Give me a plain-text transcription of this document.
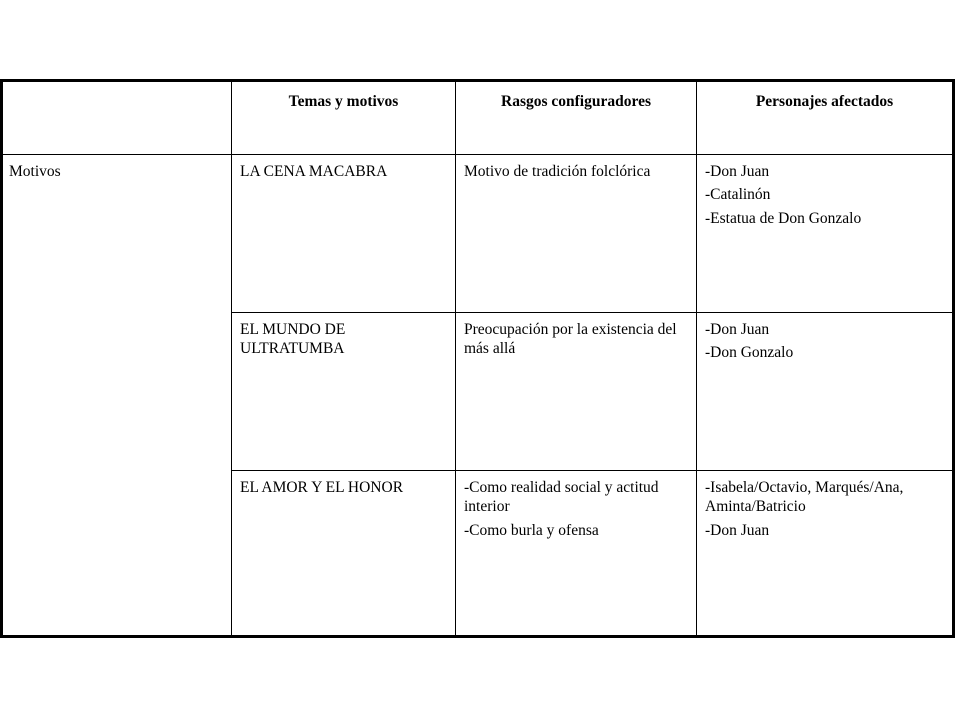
	Temas y motivos	Rasgos configuradores	Personajes afectados
Motivos	LA CENA MACABRA	Motivo de tradición folclórica	-Don Juan
-Catalinón
-Estatua de Don Gonzalo

	EL MUNDO DE ULTRATUMBA	Preocupación por la existencia del más allá	-Don Juan
-Don Gonzalo

	EL AMOR Y EL HONOR	-Como realidad social y actitud interior
-Como burla y ofensa	-Isabela/Octavio, Marqués/Ana, Aminta/Batricio
-Don Juan
